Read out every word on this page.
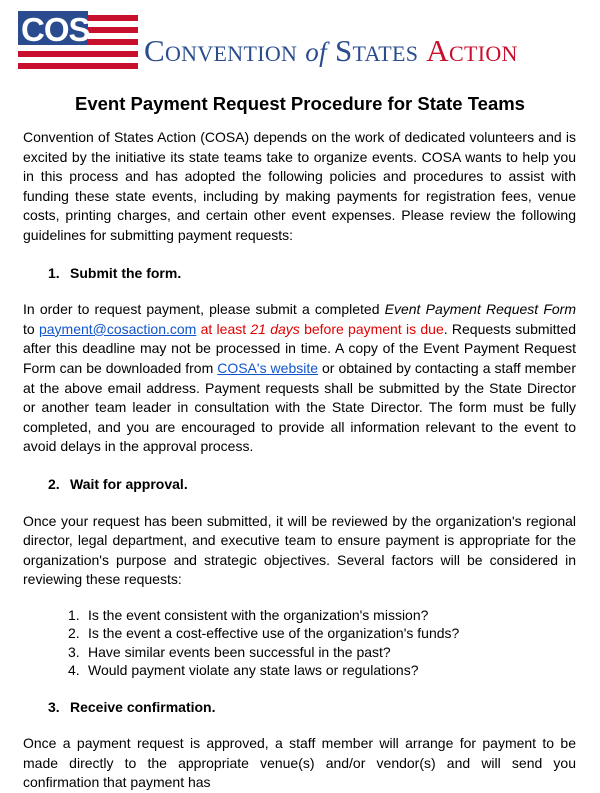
COS
Convention of States Action
Event Payment Request Procedure for State Teams

Convention of States Action (COSA) depends on the work of dedicated volunteers and is excited by the initiative its state teams take to organize events. COSA wants to help you in this process and has adopted the following policies and procedures to assist with funding these state events, including by making payments for registration fees, venue costs, printing charges, and certain other event expenses. Please review the following guidelines for submitting payment requests:

1. Submit the form.

In order to request payment, please submit a completed Event Payment Request Form to payment@cosaction.com at least 21 days before payment is due. Requests submitted after this deadline may not be processed in time. A copy of the Event Payment Request Form can be downloaded from COSA's website or obtained by contacting a staff member at the above email address. Payment requests shall be submitted by the State Director or another team leader in consultation with the State Director. The form must be fully completed, and you are encouraged to provide all information relevant to the event to avoid delays in the approval process.

2. Wait for approval.

Once your request has been submitted, it will be reviewed by the organization's regional director, legal department, and executive team to ensure payment is appropriate for the organization's purpose and strategic objectives. Several factors will be considered in reviewing these requests:

1. Is the event consistent with the organization's mission?
2. Is the event a cost-effective use of the organization's funds?
3. Have similar events been successful in the past?
4. Would payment violate any state laws or regulations?
3. Receive confirmation.

Once a payment request is approved, a staff member will arrange for payment to be made directly to the appropriate venue(s) and/or vendor(s) and will send you confirmation that payment has
